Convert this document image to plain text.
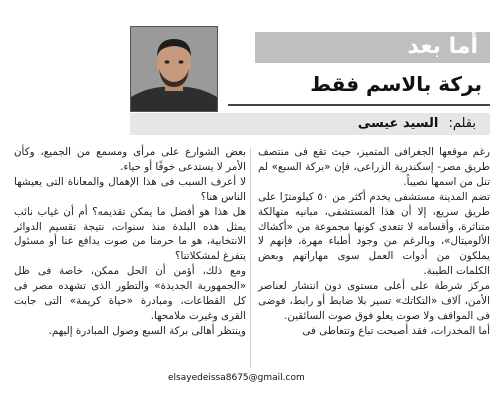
أما بعد
بركة بالاسم فقط
بقلم: السيد عيسى

رغم موقعها الجغرافى المتميز، حيث تقع فى منتصف طريق مصر- إسكندرية الزراعى، فإن «بركة السبع» لم تنل من اسمها نصيباً.

تضم المدينة مستشفى يخدم أكثر من ٥٠ كيلومترًا على طريق سريع، إلا أن هذا المستشفى، مبانيه متهالكة متناثرة، وأقسامه لا تتعدى كونها مجموعة من «أكشاك الألوميتال»، وبالرغم من وجود أطباء مهرة، فإنهم لا يملكون من أدوات العمل سوى مهاراتهم وبعض الكلمات الطيبة.

مركز شرطة على أعلى مستوى دون انتشار لعناصر الأمن، آلاف «التكاتك» تسير بلا ضابط أو رابط، فوضى فى المواقف ولا صوت يعلو فوق صوت السائقين.

أما المخدرات، فقد أصبحت تباع وتتعاطى فى

بعض الشوارع على مرأى ومسمع من الجميع، وكأن الأمر لا يستدعى خوفًا أو حياء.

لا أعرف السبب فى هذا الإهمال والمعاناة التى يعيشها الناس هنا؟

هل هذا هو أفضل ما يمكن تقديمه؟ أم أن غياب نائب يمثل هذه البلدة منذ سنوات، نتيجة تقسيم الدوائر الانتخابية، هو ما حرمنا من صوت يدافع عنا أو مسئول يتفرغ لمشكلاتنا؟

ومع ذلك، أؤمن أن الحل ممكن، خاصة فى ظل «الجمهورية الجديدة» والتطور الذى تشهده مصر فى كل القطاعات، ومبادرة «حياة كريمة» التى جابت القرى وغيرت ملامحها.

وينتظر أهالى بركة السبع وصول المبادرة إليهم.

elsayedeissa8675@gmail.com
